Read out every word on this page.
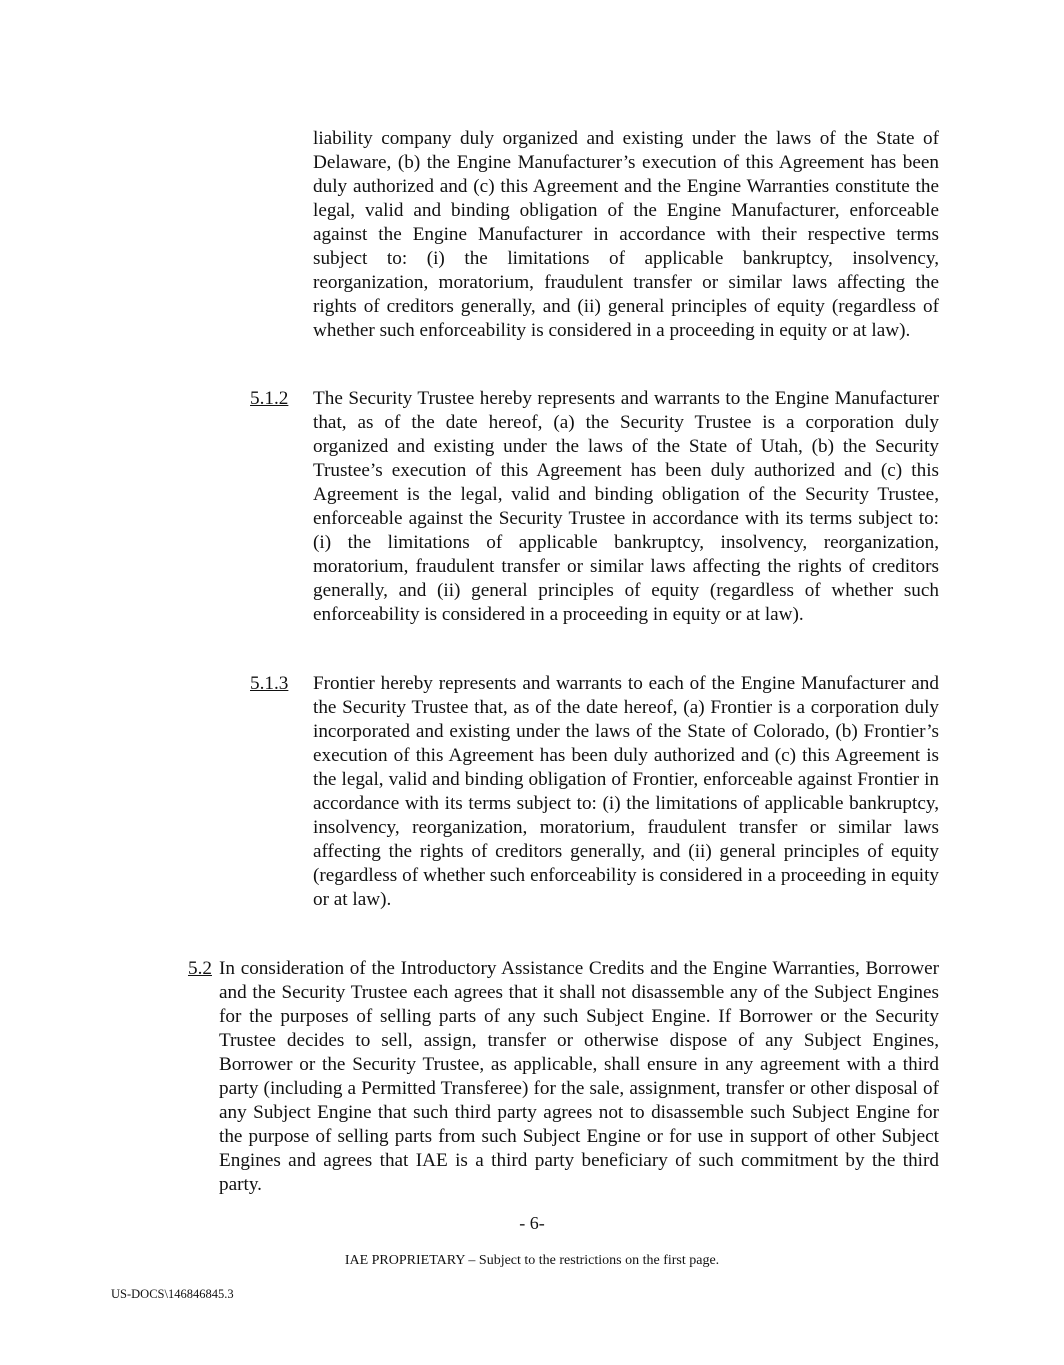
liability company duly organized and existing under the laws of the State of Delaware, (b) the Engine Manufacturer’s execution of this Agreement has been duly authorized and (c) this Agreement and the Engine Warranties constitute the legal, valid and binding obligation of the Engine Manufacturer, enforceable against the Engine Manufacturer in accordance with their respective terms subject to: (i) the limitations of applicable bankruptcy, insolvency, reorganization, moratorium, fraudulent transfer or similar laws affecting the rights of creditors generally, and (ii) general principles of equity (regardless of whether such enforceability is considered in a proceeding in equity or at law).

5.1.2 The Security Trustee hereby represents and warrants to the Engine Manufacturer that, as of the date hereof, (a) the Security Trustee is a corporation duly organized and existing under the laws of the State of Utah, (b) the Security Trustee’s execution of this Agreement has been duly authorized and (c) this Agreement is the legal, valid and binding obligation of the Security Trustee, enforceable against the Security Trustee in accordance with its terms subject to: (i) the limitations of applicable bankruptcy, insolvency, reorganization, moratorium, fraudulent transfer or similar laws affecting the rights of creditors generally, and (ii) general principles of equity (regardless of whether such enforceability is considered in a proceeding in equity or at law).

5.1.3 Frontier hereby represents and warrants to each of the Engine Manufacturer and the Security Trustee that, as of the date hereof, (a) Frontier is a corporation duly incorporated and existing under the laws of the State of Colorado, (b) Frontier’s execution of this Agreement has been duly authorized and (c) this Agreement is the legal, valid and binding obligation of Frontier, enforceable against Frontier in accordance with its terms subject to: (i) the limitations of applicable bankruptcy, insolvency, reorganization, moratorium, fraudulent transfer or similar laws affecting the rights of creditors generally, and (ii) general principles of equity (regardless of whether such enforceability is considered in a proceeding in equity or at law).

5.2 In consideration of the Introductory Assistance Credits and the Engine Warranties, Borrower and the Security Trustee each agrees that it shall not disassemble any of the Subject Engines for the purposes of selling parts of any such Subject Engine. If Borrower or the Security Trustee decides to sell, assign, transfer or otherwise dispose of any Subject Engines, Borrower or the Security Trustee, as applicable, shall ensure in any agreement with a third party (including a Permitted Transferee) for the sale, assignment, transfer or other disposal of any Subject Engine that such third party agrees not to disassemble such Subject Engine for the purpose of selling parts from such Subject Engine or for use in support of other Subject Engines and agrees that IAE is a third party beneficiary of such commitment by the third party.

- 6-
IAE PROPRIETARY – Subject to the restrictions on the first page.
US-DOCS\146846845.3
